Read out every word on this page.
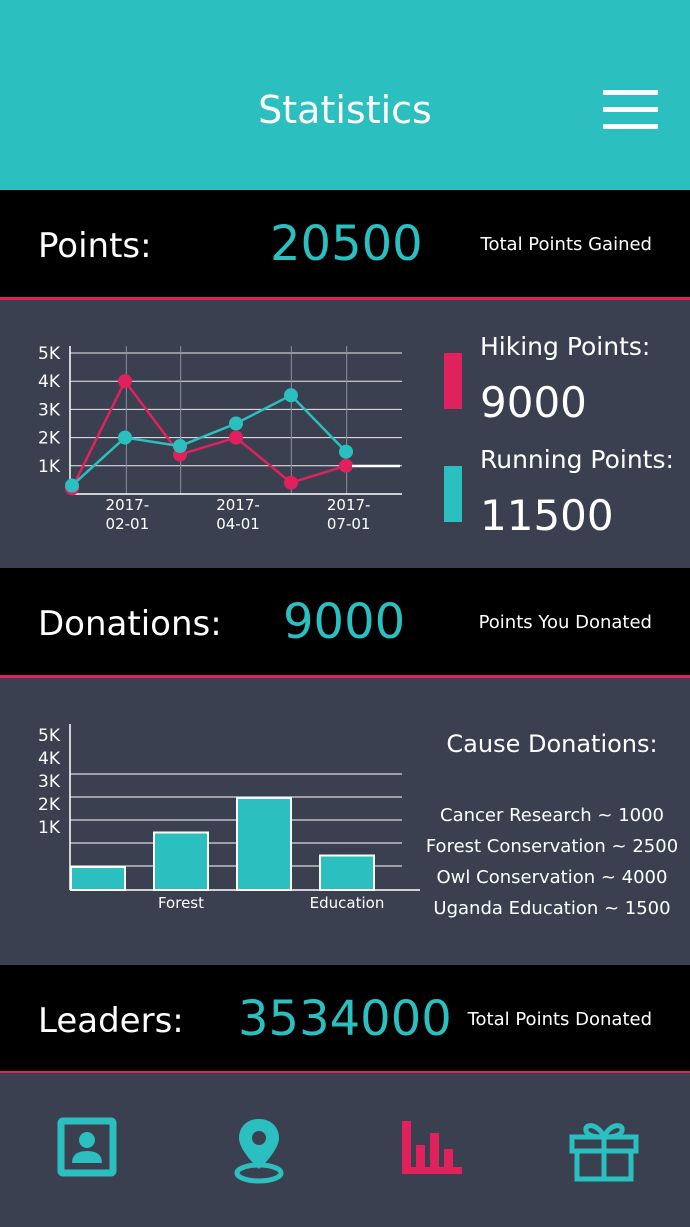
Statistics
Points: 20500	Total Points Gained
5K
4K
3K
2K
1K
2017-
02-01
2017-
04-01
2017-
07-01
Hiking Points:
9000
Running Points:
11500
Donations: 9000	Points You Donated
5K
4K
3K
2K
1K
Forest	Education
Cause Donations:
Cancer Research ~ 1000
Forest Conservation ~ 2500
Owl Conservation ~ 4000
Uganda Education ~ 1500
Leaders: 3534000 Total Points Donated
